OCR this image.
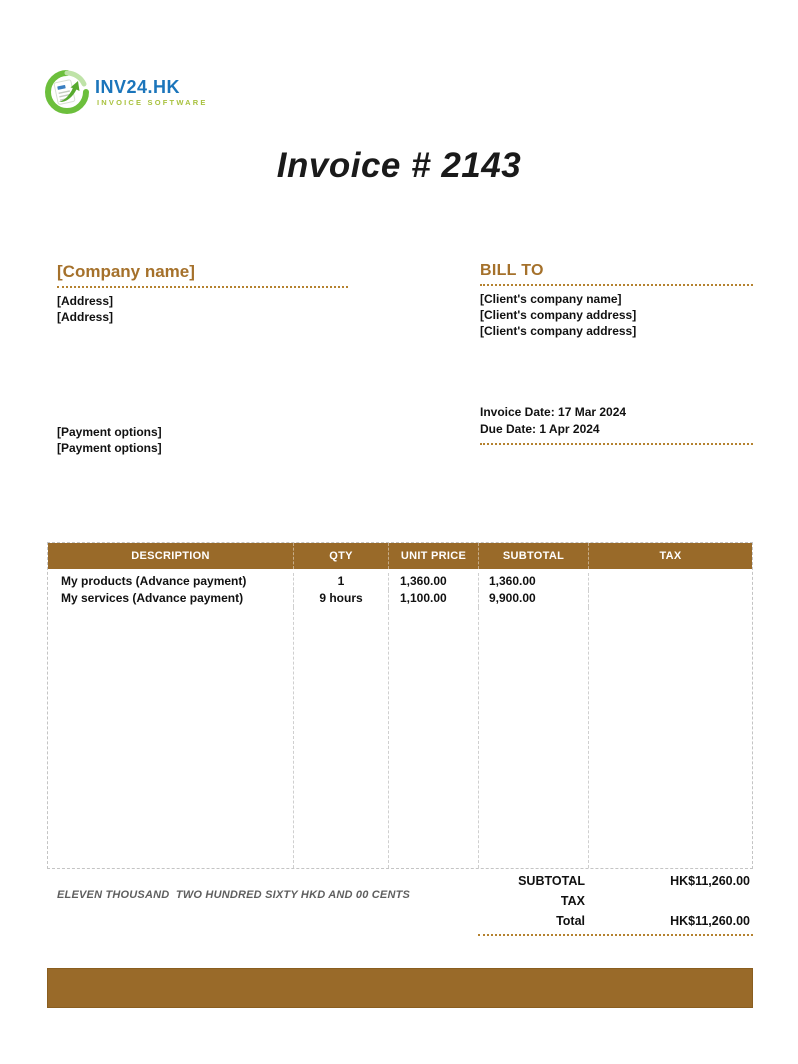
INV24.HK
INVOICE SOFTWARE
Invoice # 2143
[Company name]
[Address]
[Address]
BILL TO
[Client's company name]
[Client's company address]
[Client's company address]
Invoice Date: 17 Mar 2024
Due Date: 1 Apr 2024
[Payment options]
[Payment options]
DESCRIPTION	QTY	UNIT PRICE	SUBTOTAL	TAX
My products (Advance payment)	1	1,360.00	1,360.00
My services (Advance payment)	9 hours	1,100.00	9,900.00
SUBTOTAL	HK$11,260.00
TAX
Total	HK$11,260.00
ELEVEN THOUSAND  TWO HUNDRED SIXTY HKD AND 00 CENTS
